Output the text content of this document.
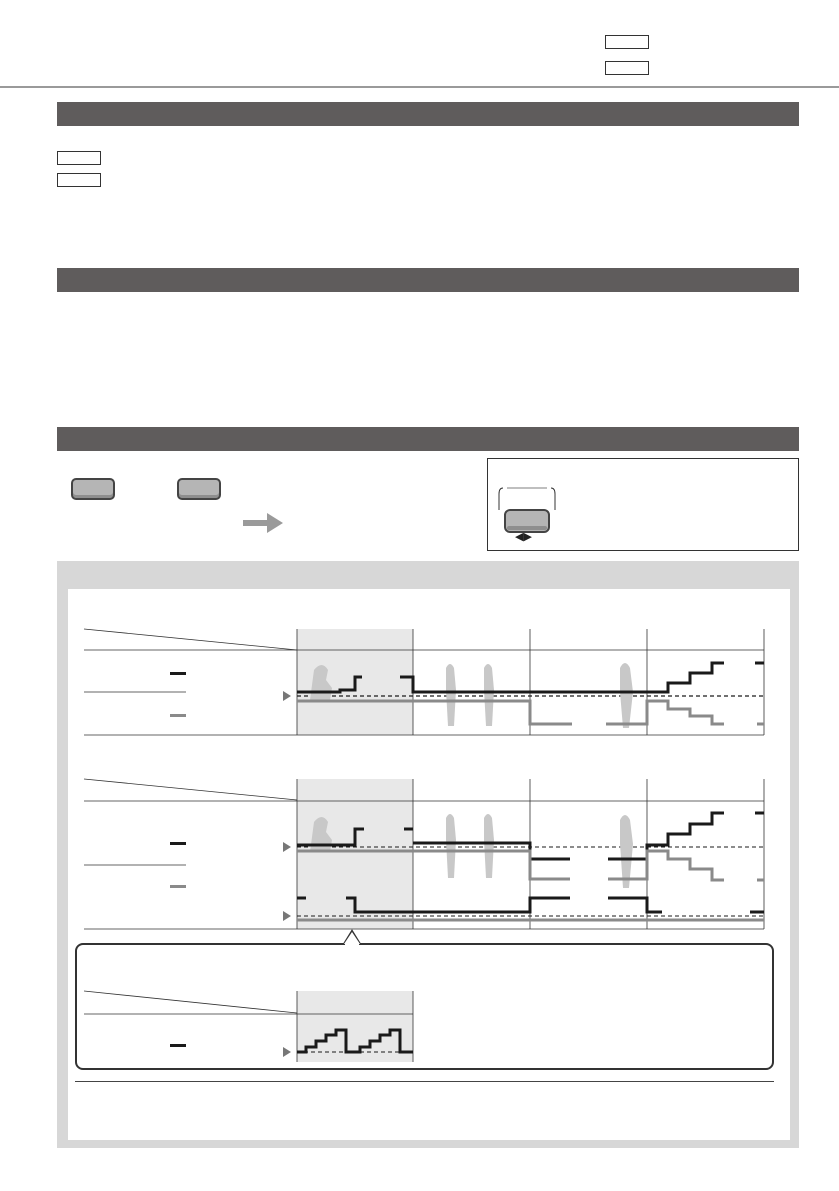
◀▶
